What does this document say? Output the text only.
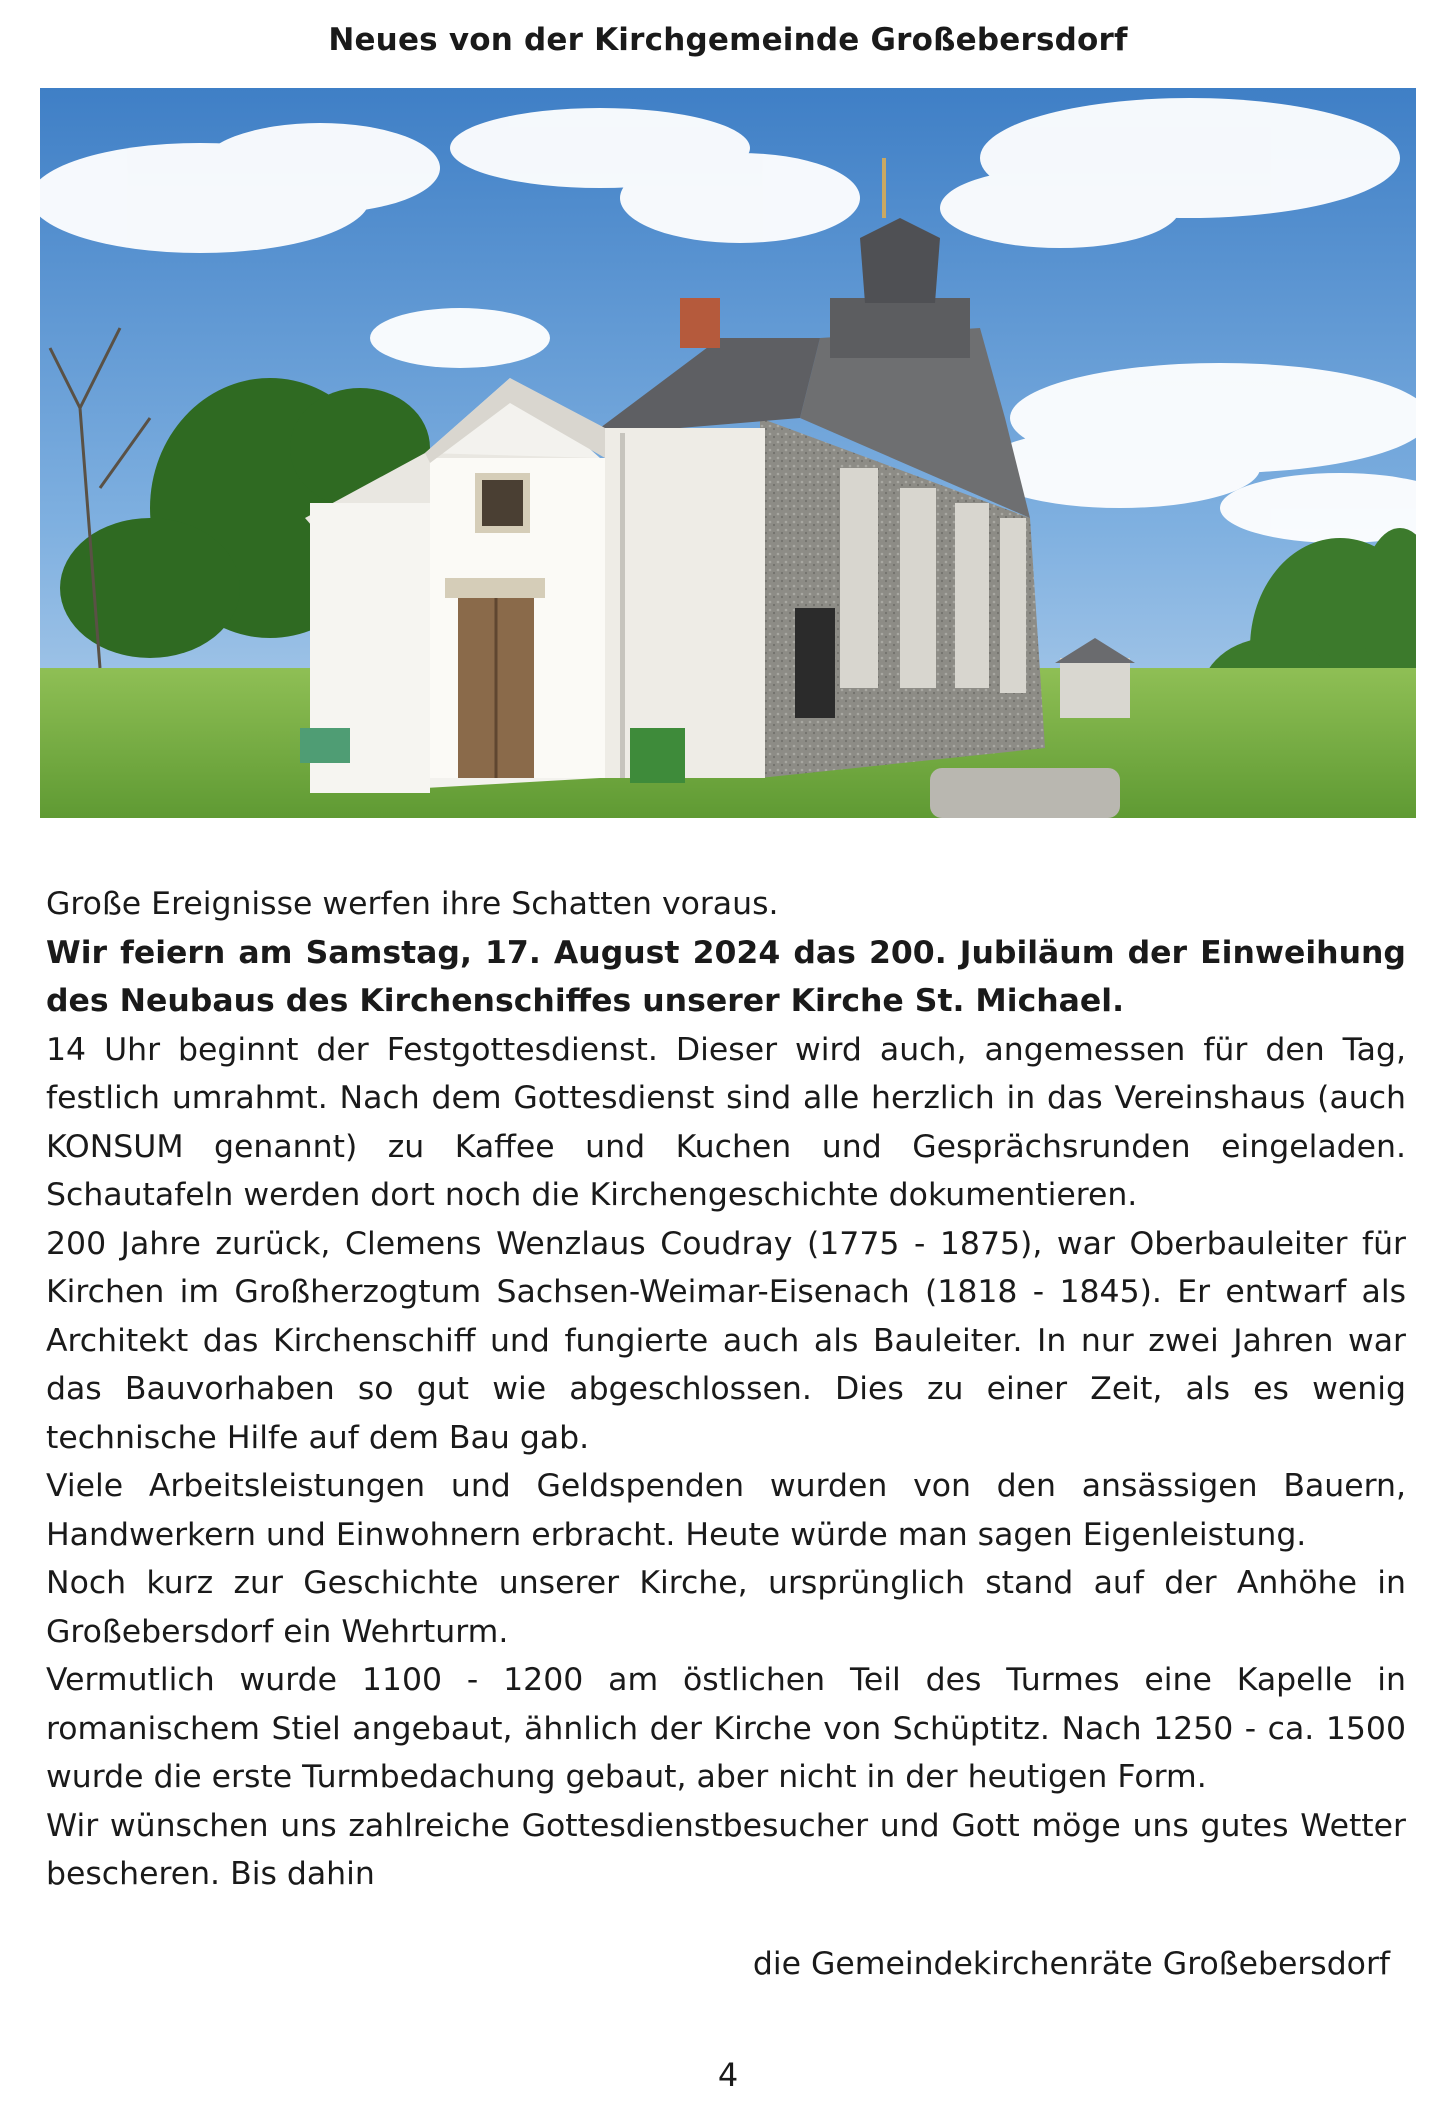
Neues von der Kirchgemeinde Großebersdorf

Große Ereignisse werfen ihre Schatten voraus.

Wir feiern am Samstag, 17. August 2024 das 200. Jubiläum der Einweihung des Neubaus des Kirchenschiffes unserer Kirche St. Michael.

14 Uhr beginnt der Festgottesdienst. Dieser wird auch, angemessen für den Tag, festlich umrahmt. Nach dem Gottesdienst sind alle herzlich in das Vereinshaus (auch KONSUM genannt) zu Kaffee und Kuchen und Gesprächsrunden eingeladen. Schautafeln werden dort noch die Kirchengeschichte dokumentieren.

200 Jahre zurück, Clemens Wenzlaus Coudray (1775 - 1875), war Oberbauleiter für Kirchen im Großherzogtum Sachsen-Weimar-Eisenach (1818 - 1845). Er entwarf als Architekt das Kirchenschiff und fungierte auch als Bauleiter. In nur zwei Jahren war das Bauvorhaben so gut wie abgeschlossen. Dies zu einer Zeit, als es wenig technische Hilfe auf dem Bau gab.

Viele Arbeitsleistungen und Geldspenden wurden von den ansässigen Bauern, Handwerkern und Einwohnern erbracht. Heute würde man sagen Eigenleistung.

Noch kurz zur Geschichte unserer Kirche, ursprünglich stand auf der Anhöhe in Großebersdorf ein Wehrturm.

Vermutlich wurde 1100 - 1200 am östlichen Teil des Turmes eine Kapelle in romanischem Stiel angebaut, ähnlich der Kirche von Schüptitz. Nach 1250 - ca. 1500 wurde die erste Turmbedachung gebaut, aber nicht in der heutigen Form.

Wir wünschen uns zahlreiche Gottesdienstbesucher und Gott möge uns gutes Wetter bescheren. Bis dahin

die Gemeindekirchenräte Großebersdorf
4
